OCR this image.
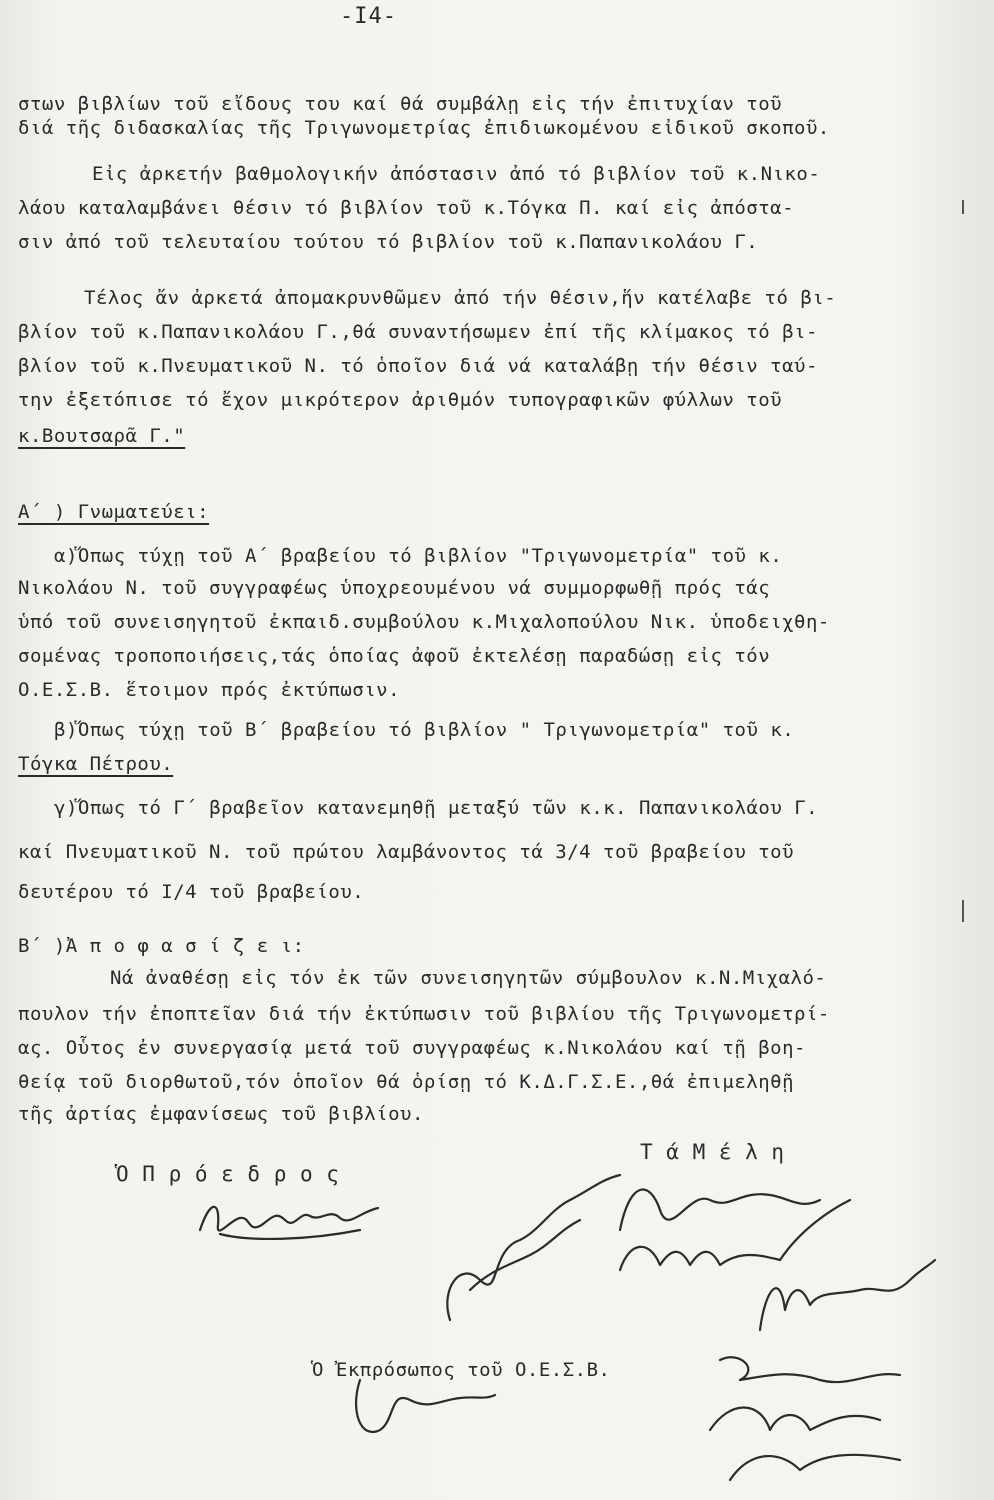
-I4-
στων βιβλίων τοῦ εἴδους του καί θά συμβάλῃ εἰς τήν ἐπιτυχίαν τοῦ
διά τῆς διδασκαλίας τῆς Τριγωνομετρίας ἐπιδιωκομένου εἰδικοῦ σκοποῦ.
Εἰς ἀρκετήν βαθμολογικήν ἀπόστασιν ἀπό τό βιβλίον τοῦ κ.Νικο-
λάου καταλαμβάνει θέσιν τό βιβλίον τοῦ κ.Τόγκα Π. καί εἰς ἀπόστα-
σιν ἀπό τοῦ τελευταίου τούτου τό βιβλίον τοῦ κ.Παπανικολάου Γ.
Τέλος ἄν ἀρκετά ἀπομακρυνθῶμεν ἀπό τήν θέσιν,ἥν κατέλαβε τό βι-
βλίον τοῦ κ.Παπανικολάου Γ.,θά συναντήσωμεν ἐπί τῆς κλίμακος τό βι-
βλίον τοῦ κ.Πνευματικοῦ Ν. τό ὁποῖον διά νά καταλάβῃ τήν θέσιν ταύ-
την ἐξετόπισε τό ἔχον μικρότερον ἀριθμόν τυπογραφικῶν φύλλων τοῦ
κ.Βουτσαρᾶ Γ."
Α΄ ) Γνωματεύει:
α)Ὅπως τύχῃ τοῦ Α΄ βραβείου τό βιβλίον "Τριγωνομετρία" τοῦ κ.
Νικολάου Ν. τοῦ συγγραφέως ὑποχρεουμένου νά συμμορφωθῇ πρός τάς
ὑπό τοῦ συνεισηγητοῦ ἐκπαιδ.συμβούλου κ.Μιχαλοπούλου Νικ. ὑποδειχθη-
σομένας τροποποιήσεις,τάς ὁποίας ἀφοῦ ἐκτελέσῃ παραδώσῃ εἰς τόν
Ο.Ε.Σ.Β. ἕτοιμον πρός ἐκτύπωσιν.
β)Ὅπως τύχῃ τοῦ Β΄ βραβείου τό βιβλίον " Τριγωνομετρία" τοῦ κ.
Τόγκα Πέτρου.
γ)Ὅπως τό Γ΄ βραβεῖον κατανεμηθῇ μεταξύ τῶν κ.κ. Παπανικολάου Γ.
καί Πνευματικοῦ Ν. τοῦ πρώτου λαμβάνοντος τά 3/4 τοῦ βραβείου τοῦ
δευτέρου τό I/4 τοῦ βραβείου.
Β΄ )Ἀ π ο φ α σ ί ζ ε ι:
Νά ἀναθέσῃ εἰς τόν ἐκ τῶν συνεισηγητῶν σύμβουλον κ.Ν.Μιχαλό-
πουλον τήν ἐποπτεῖαν διά τήν ἐκτύπωσιν τοῦ βιβλίου τῆς Τριγωνομετρί-
ας. Οὗτος ἐν συνεργασίᾳ μετά τοῦ συγγραφέως κ.Νικολάου καί τῇ βοη-
θείᾳ τοῦ διορθωτοῦ,τόν ὁποῖον θά ὁρίσῃ τό Κ.Δ.Γ.Σ.Ε.,θά ἐπιμεληθῇ
τῆς ἀρτίας ἐμφανίσεως τοῦ βιβλίου.
Ὁ Π ρ ό ε δ ρ ο ς
Τ ά Μ έ λ η
Ὁ Ἐκπρόσωπος τοῦ Ο.Ε.Σ.Β.
